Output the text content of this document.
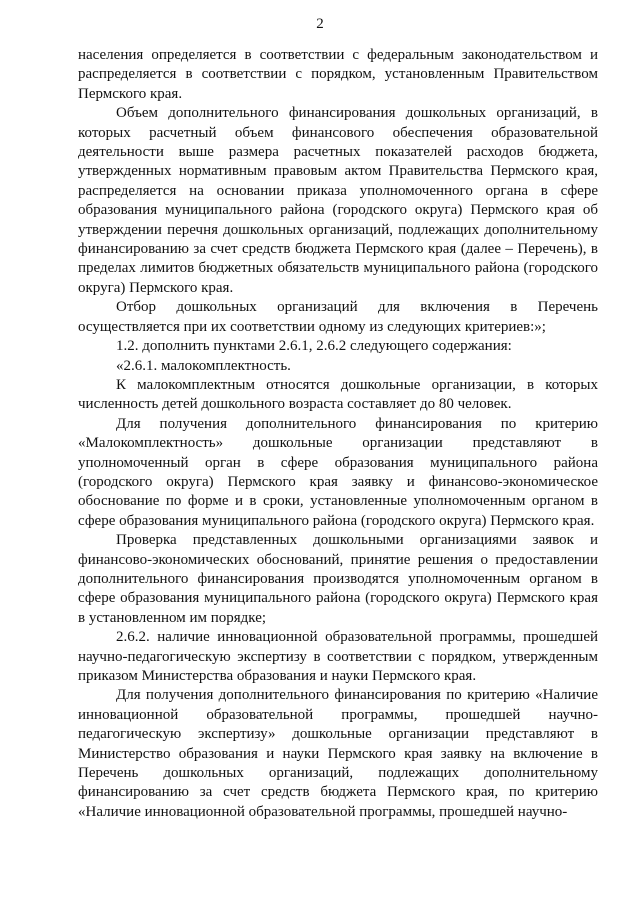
2

населения определяется в соответствии с федеральным законодательством и распределяется в соответствии с порядком, установленным Правительством Пермского края.

Объем дополнительного финансирования дошкольных организаций, в которых расчетный объем финансового обеспечения образовательной деятельности выше размера расчетных показателей расходов бюджета, утвержденных нормативным правовым актом Правительства Пермского края, распределяется на основании приказа уполномоченного органа в сфере образования муниципального района (городского округа) Пермского края об утверждении перечня дошкольных организаций, подлежащих дополнительному финансированию за счет средств бюджета Пермского края (далее – Перечень), в пределах лимитов бюджетных обязательств муниципального района (городского округа) Пермского края.

Отбор дошкольных организаций для включения в Перечень осуществляется при их соответствии одному из следующих критериев:»;

1.2. дополнить пунктами 2.6.1, 2.6.2 следующего содержания:

«2.6.1. малокомплектность.

К малокомплектным относятся дошкольные организации, в которых численность детей дошкольного возраста составляет до 80 человек.

Для получения дополнительного финансирования по критерию «Малокомплектность» дошкольные организации представляют в уполномоченный орган в сфере образования муниципального района (городского округа) Пермского края заявку и финансово-экономическое обоснование по форме и в сроки, установленные уполномоченным органом в сфере образования муниципального района (городского округа) Пермского края.

Проверка представленных дошкольными организациями заявок и финансово-экономических обоснований, принятие решения о предоставлении дополнительного финансирования производятся уполномоченным органом в сфере образования муниципального района (городского округа) Пермского края в установленном им порядке;

2.6.2. наличие инновационной образовательной программы, прошедшей научно-педагогическую экспертизу в соответствии с порядком, утвержденным приказом Министерства образования и науки Пермского края.

Для получения дополнительного финансирования по критерию «Наличие инновационной образовательной программы, прошедшей научно-педагогическую экспертизу» дошкольные организации представляют в Министерство образования и науки Пермского края заявку на включение в Перечень дошкольных организаций, подлежащих дополнительному финансированию за счет средств бюджета Пермского края, по критерию «Наличие инновационной образовательной программы, прошедшей научно-
